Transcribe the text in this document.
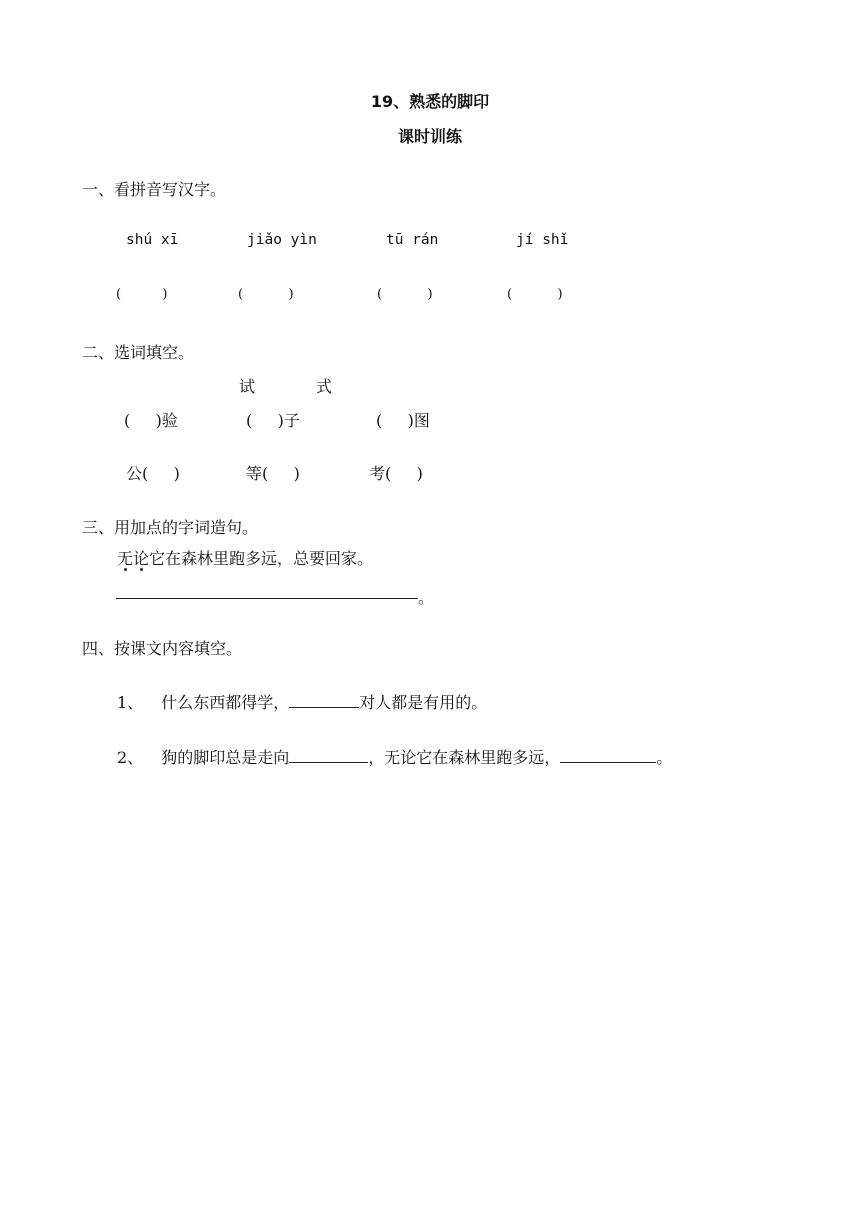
19、熟悉的脚印
课时训练
一、看拼音写汉字。
shú xī	jiǎo yìn	tū rán	jí shǐ
(          )	(           )	(           )	(           )
二、选词填空。
试	式
(     )验	(     )子	(     )图
公(     )	等(     )	考(     )
三、用加点的字词造句。
无论它在森林里跑多远，总要回家。
。
四、按课文内容填空。
1、 什么东西都得学，	对人都是有用的。
2、 狗的脚印总是走向	，无论它在森林里跑多远，	。
